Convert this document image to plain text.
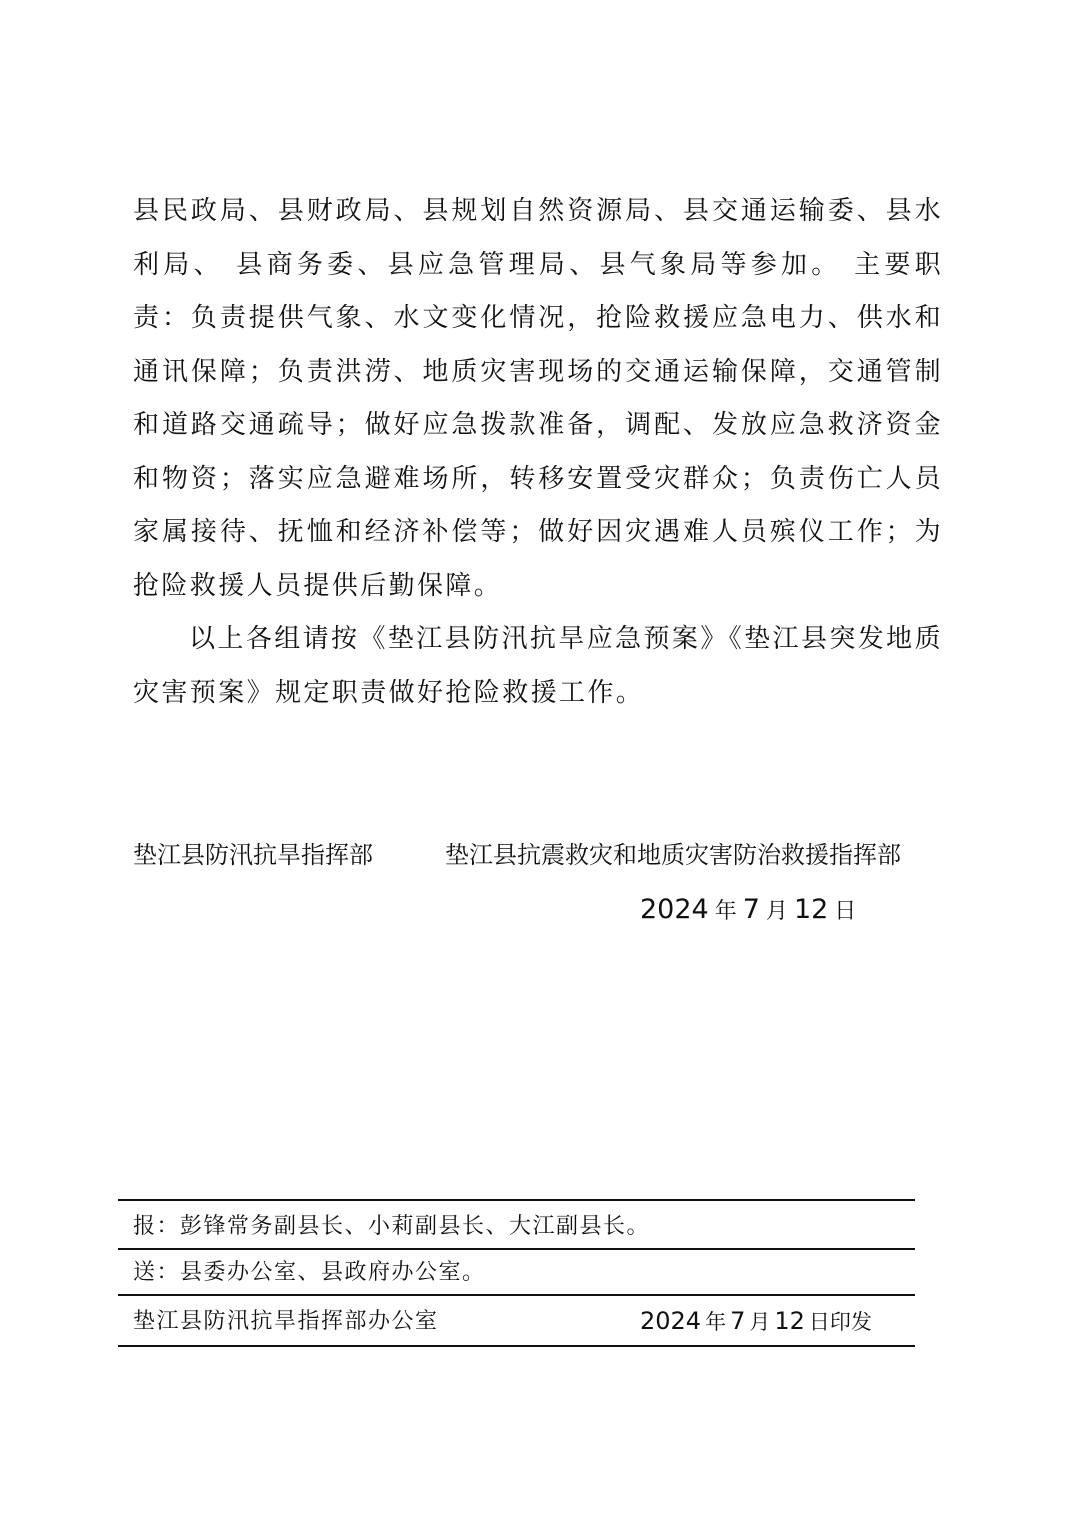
县民政局、县财政局、县规划自然资源局、县交通运输委、县水利局、 县商务委、县应急管理局、县气象局等参加。 主要职责：负责提供气象、水文变化情况，抢险救援应急电力、供水和通讯保障；负责洪涝、地质灾害现场的交通运输保障，交通管制和道路交通疏导；做好应急拨款准备，调配、发放应急救济资金和物资；落实应急避难场所，转移安置受灾群众；负责伤亡人员家属接待、抚恤和经济补偿等；做好因灾遇难人员殡仪工作；为抢险救援人员提供后勤保障。

以上各组请按《垫江县防汛抗旱应急预案》《垫江县突发地质灾害预案》规定职责做好抢险救援工作。

垫江县防汛抗旱指挥部	垫江县抗震救灾和地质灾害防治救援指挥部
2024 年 7 月 12 日
报：彭锋常务副县长、小莉副县长、大江副县长。
送：县委办公室、县政府办公室。
垫江县防汛抗旱指挥部办公室	2024 年 7 月 12 日印发
